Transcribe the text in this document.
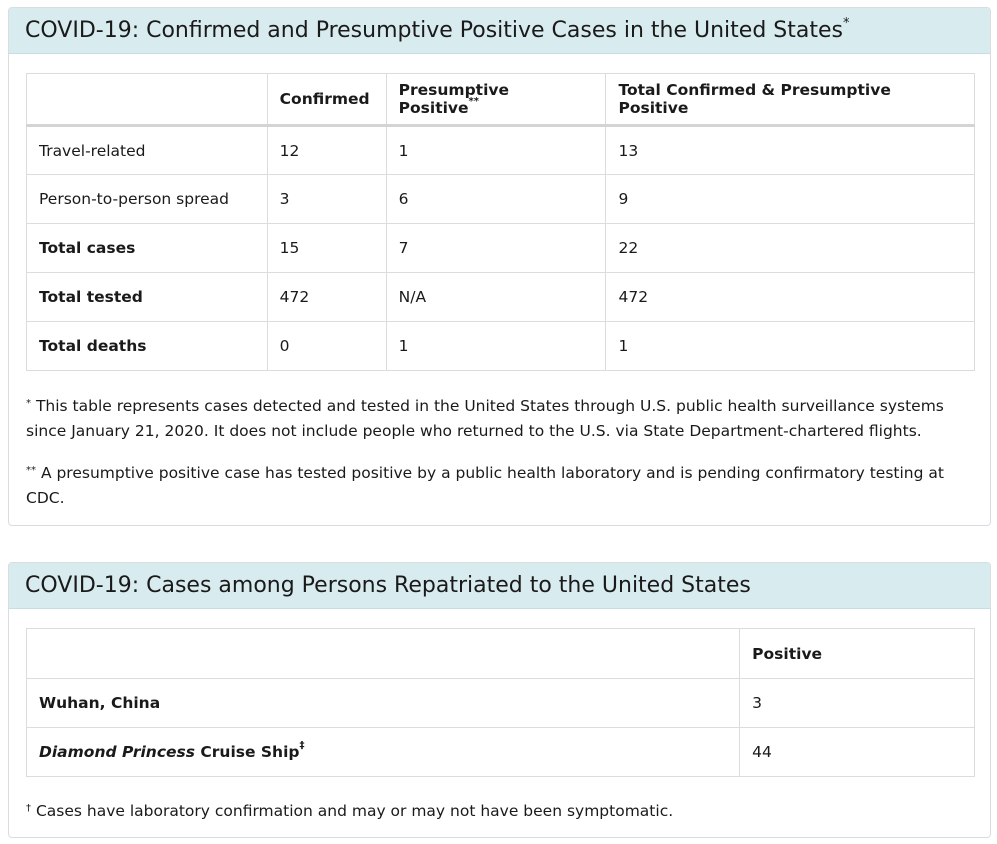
COVID-19: Confirmed and Presumptive Positive Cases in the United States*
	Confirmed	Presumptive Positive**	Total Confirmed & Presumptive Positive
Travel-related	12	1	13
Person-to-person spread	3	6	9
Total cases	15	7	22
Total tested	472	N/A	472
Total deaths	0	1	1

* This table represents cases detected and tested in the United States through U.S. public health surveillance systems since January 21, 2020. It does not include people who returned to the U.S. via State Department-chartered flights.

** A presumptive positive case has tested positive by a public health laboratory and is pending confirmatory testing at CDC.

COVID-19: Cases among Persons Repatriated to the United States
	Positive
Wuhan, China	3
Diamond Princess Cruise Ship‡	44

† Cases have laboratory confirmation and may or may not have been symptomatic.
